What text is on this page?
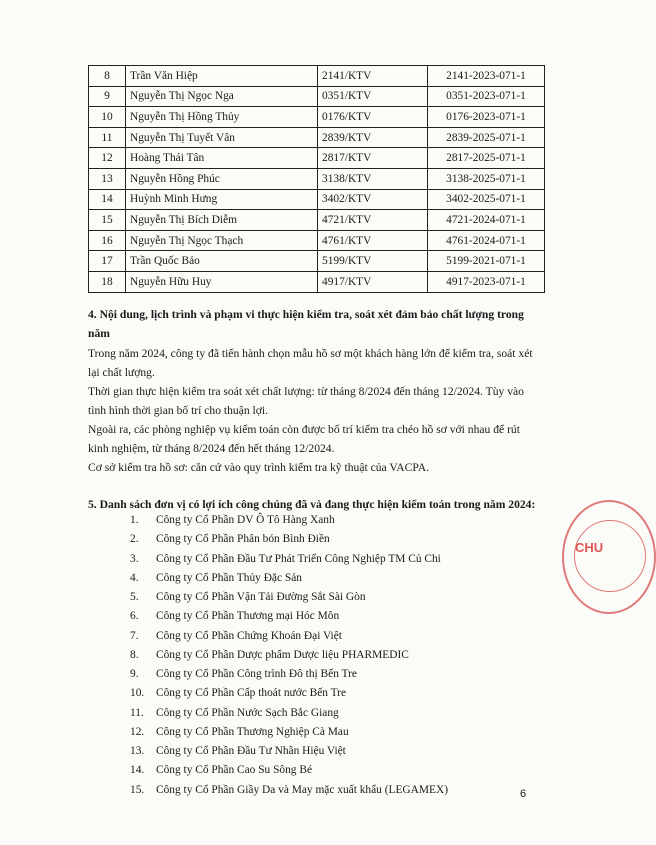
8	Trần Văn Hiệp	2141/KTV	2141-2023-071-1
9	Nguyễn Thị Ngọc Nga	0351/KTV	0351-2023-071-1
10	Nguyễn Thị Hồng Thủy	0176/KTV	0176-2023-071-1
11	Nguyễn Thị Tuyết Vân	2839/KTV	2839-2025-071-1
12	Hoàng Thái Tân	2817/KTV	2817-2025-071-1
13	Nguyễn Hồng Phúc	3138/KTV	3138-2025-071-1
14	Huỳnh Minh Hưng	3402/KTV	3402-2025-071-1
15	Nguyễn Thị Bích Diễm	4721/KTV	4721-2024-071-1
16	Nguyễn Thị Ngọc Thạch	4761/KTV	4761-2024-071-1
17	Trần Quốc Bảo	5199/KTV	5199-2021-071-1
18	Nguyễn Hữu Huy	4917/KTV	4917-2023-071-1
4. Nội dung, lịch trình và phạm vi thực hiện kiểm tra, soát xét đảm bảo chất lượng trong năm
Trong năm 2024, công ty đã tiến hành chọn mẫu hồ sơ một khách hàng lớn để kiểm tra, soát xét lại chất lượng.
Thời gian thực hiện kiểm tra soát xét chất lượng: từ tháng 8/2024 đến tháng 12/2024. Tùy vào tình hình thời gian bố trí cho thuận lợi.
Ngoài ra, các phòng nghiệp vụ kiểm toán còn được bố trí kiểm tra chéo hồ sơ với nhau để rút kinh nghiệm, từ tháng 8/2024 đến hết tháng 12/2024.
Cơ sở kiểm tra hồ sơ: căn cứ vào quy trình kiểm tra kỹ thuật của VACPA.
5. Danh sách đơn vị có lợi ích công chúng đã và đang thực hiện kiểm toán trong năm 2024:
1. Công ty Cổ Phần DV Ô Tô Hàng Xanh
2. Công ty Cổ Phần Phân bón Bình Điền
3. Công ty Cổ Phần Đầu Tư Phát Triển Công Nghiệp TM Củ Chi
4. Công ty Cổ Phần Thủy Đặc Sản
5. Công ty Cổ Phần Vận Tải Đường Sắt Sài Gòn
6. Công ty Cổ Phần Thương mại Hóc Môn
7. Công ty Cổ Phần Chứng Khoán Đại Việt
8. Công ty Cổ Phần Dược phẩm Dược liệu PHARMEDIC
9. Công ty Cổ Phần Công trình Đô thị Bến Tre
10. Công ty Cổ Phần Cấp thoát nước Bến Tre
11. Công ty Cổ Phần Nước Sạch Bắc Giang
12. Công ty Cổ Phần Thương Nghiệp Cà Mau
13. Công ty Cổ Phần Đầu Tư Nhãn Hiệu Việt
14. Công ty Cổ Phần Cao Su Sông Bé
15. Công ty Cổ Phần Giầy Da và May mặc xuất khẩu (LEGAMEX)	6
CHU
